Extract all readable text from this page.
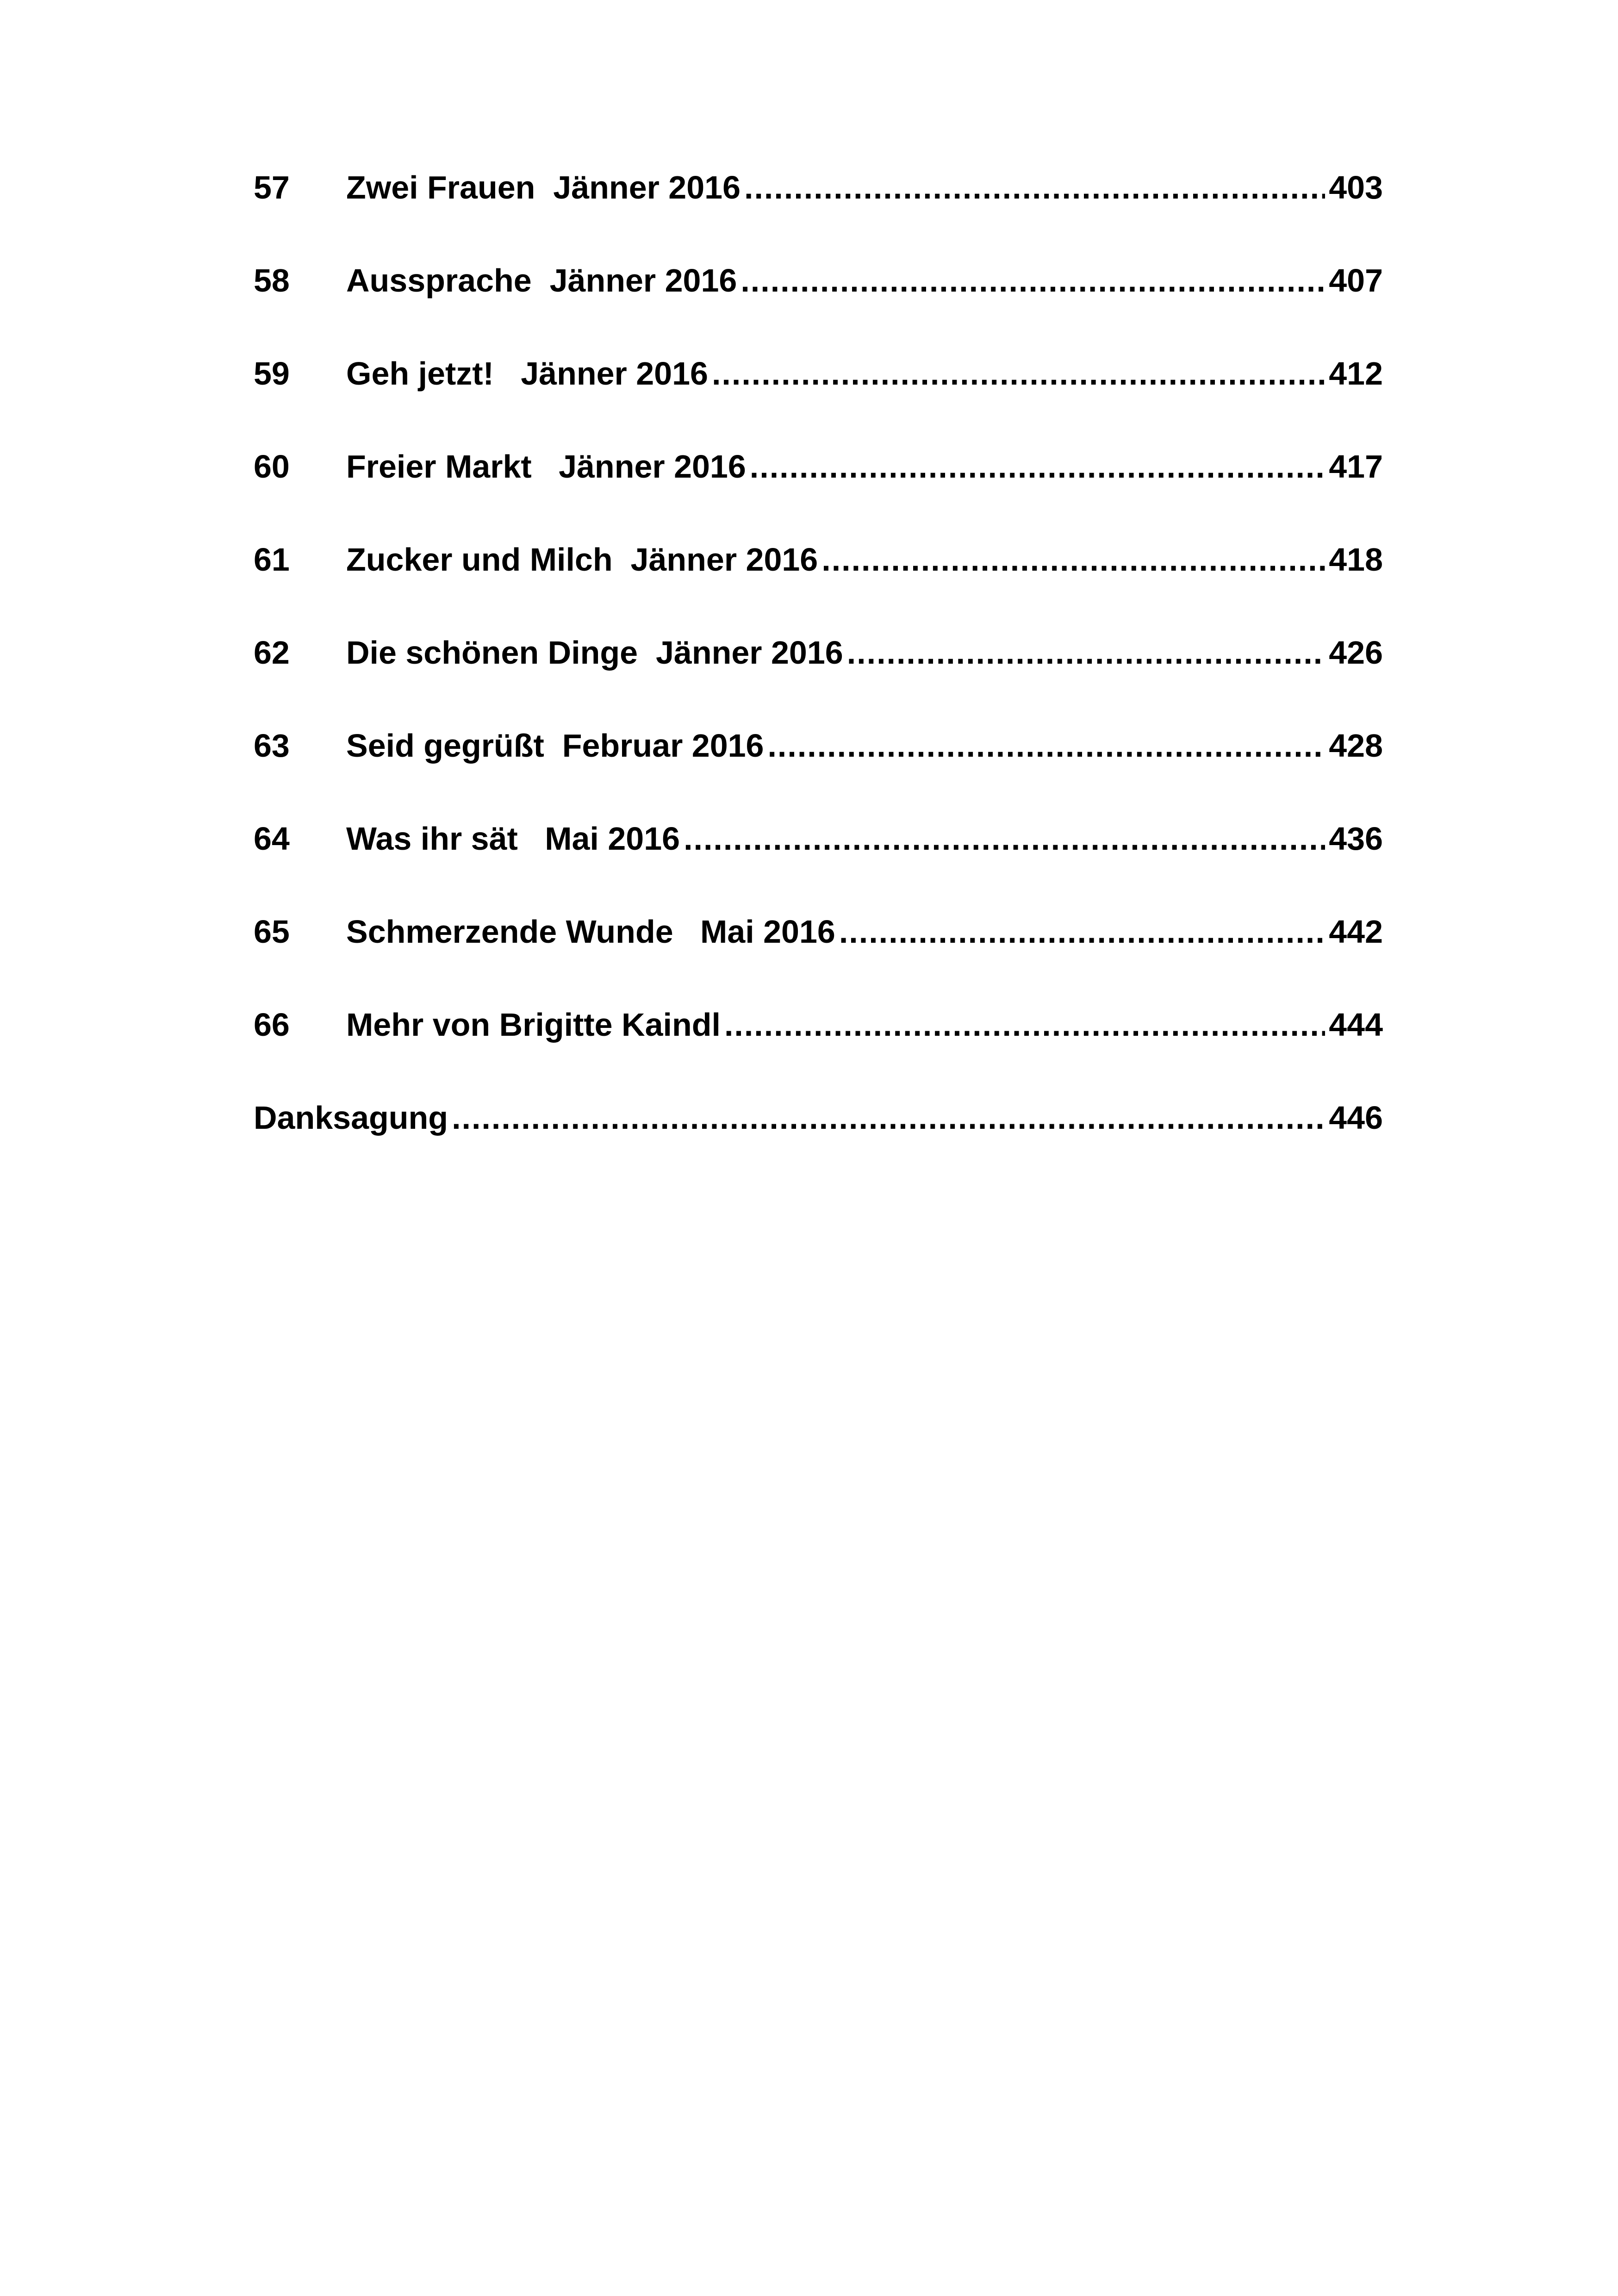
57	Zwei Frauen  Jänner 2016 .....	403
58	Aussprache  Jänner 2016 .....	407
59	Geh jetzt!   Jänner 2016 .....	412
60	Freier Markt   Jänner 2016 .....	417
61	Zucker und Milch  Jänner 2016 .....	418
62	Die schönen Dinge  Jänner 2016 .....	426
63	Seid gegrüßt  Februar 2016 .....	428
64	Was ihr sät   Mai 2016 .....	436
65	Schmerzende Wunde   Mai 2016 .....	442
66	Mehr von Brigitte Kaindl .....	444
Danksagung .....	446
